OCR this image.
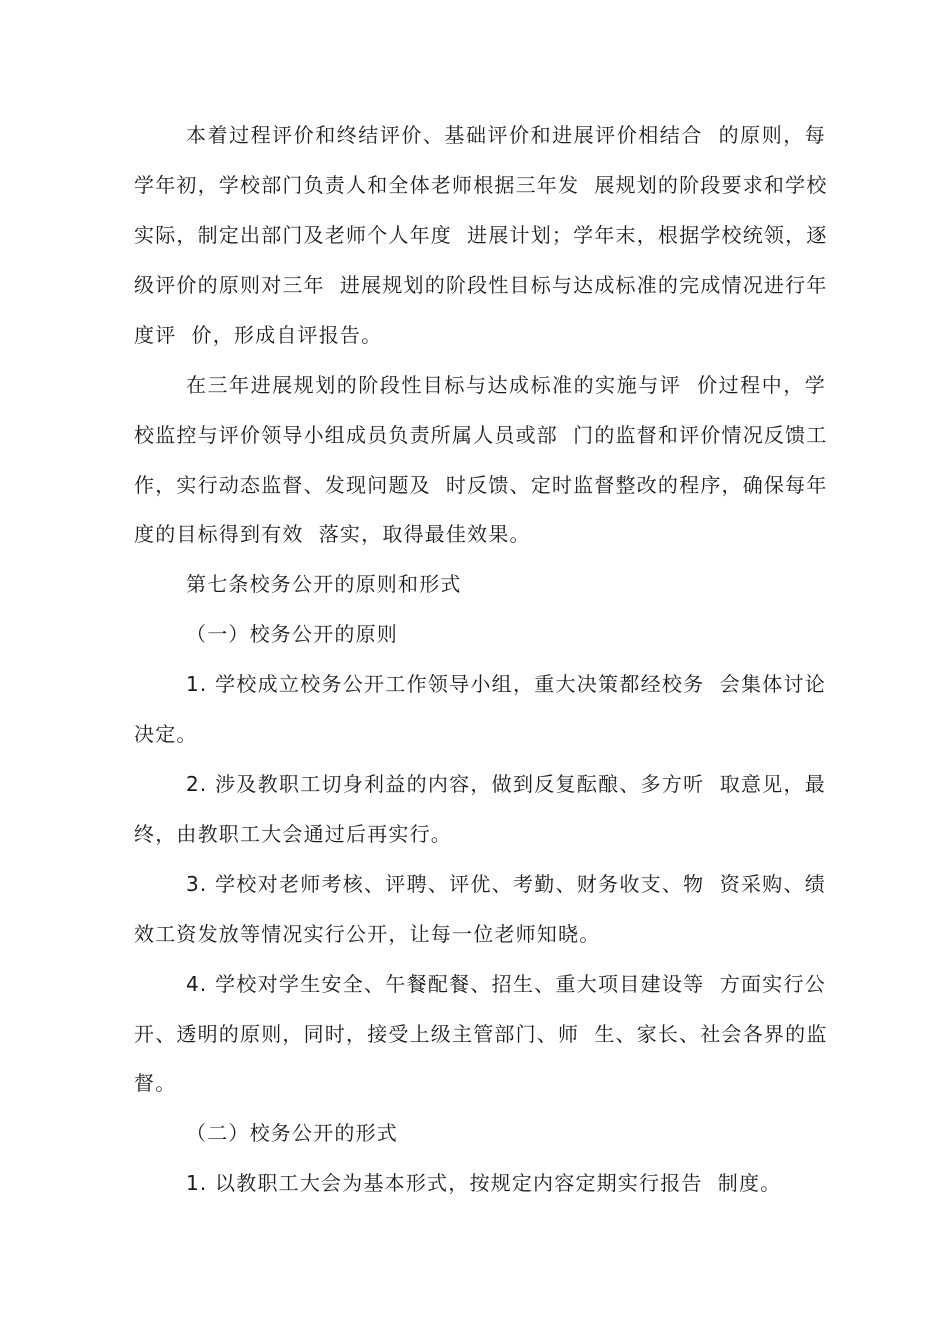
本着过程评价和终结评价、基础评价和进展评价相结合  的原则，每
学年初，学校部门负责人和全体老师根据三年发  展规划的阶段要求和学校
实际，制定出部门及老师个人年度  进展计划；学年末，根据学校统领，逐
级评价的原则对三年  进展规划的阶段性目标与达成标准的完成情况进行年
度评  价，形成自评报告。
在三年进展规划的阶段性目标与达成标准的实施与评  价过程中，学
校监控与评价领导小组成员负责所属人员或部  门的监督和评价情况反馈工
作，实行动态监督、发现问题及  时反馈、定时监督整改的程序，确保每年
度的目标得到有效  落实，取得最佳效果。
第七条校务公开的原则和形式
（一）校务公开的原则
1. 学校成立校务公开工作领导小组，重大决策都经校务  会集体讨论
决定。
2. 涉及教职工切身利益的内容，做到反复酝酿、多方听  取意见，最
终，由教职工大会通过后再实行。
3. 学校对老师考核、评聘、评优、考勤、财务收支、物  资采购、绩
效工资发放等情况实行公开，让每一位老师知晓。
4. 学校对学生安全、午餐配餐、招生、重大项目建设等  方面实行公
开、透明的原则，同时，接受上级主管部门、师  生、家长、社会各界的监
督。
（二）校务公开的形式
1. 以教职工大会为基本形式，按规定内容定期实行报告  制度。
